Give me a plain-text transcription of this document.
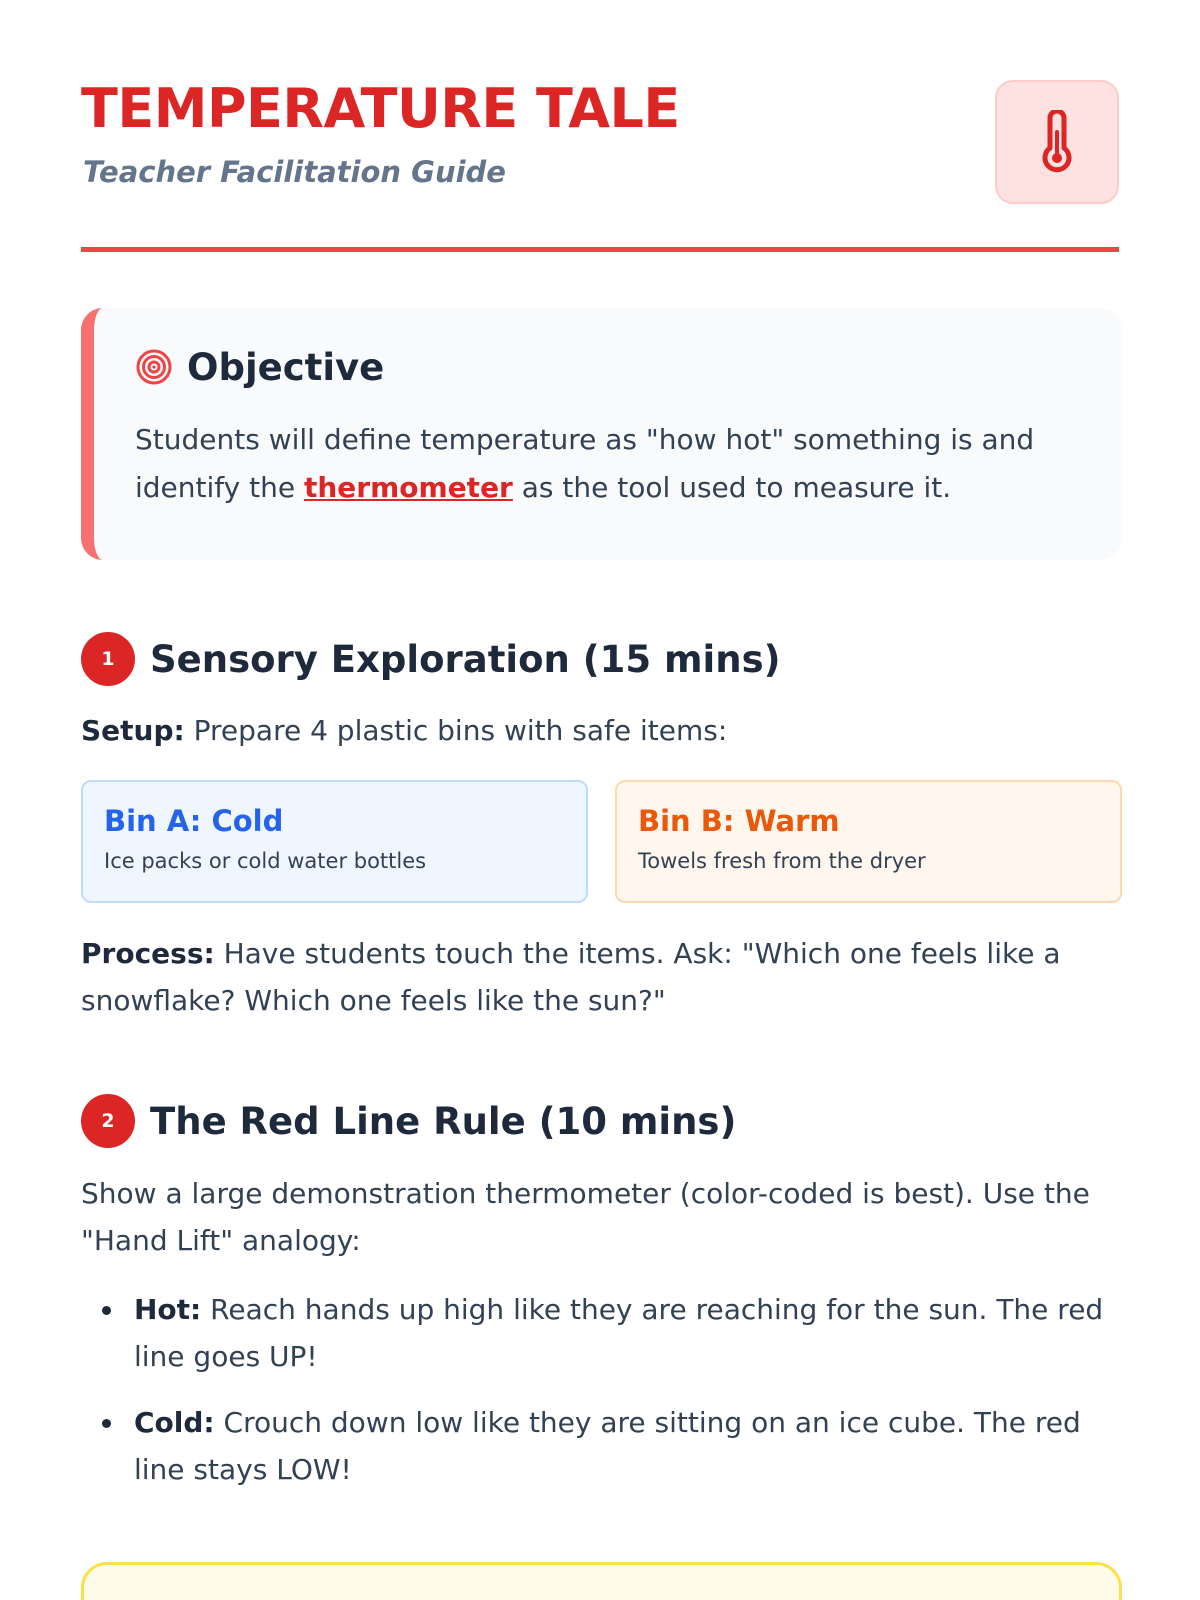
TEMPERATURE TALE

Teacher Facilitation Guide

Objective

Students will define temperature as "how hot" something is and identify the thermometer as the tool used to measure it.

1 Sensory Exploration (15 mins)

Setup: Prepare 4 plastic bins with safe items:

Bin A: Cold

Ice packs or cold water bottles

Bin B: Warm

Towels fresh from the dryer

Process: Have students touch the items. Ask: "Which one feels like a snowflake? Which one feels like the sun?"

2 The Red Line Rule (10 mins)

Show a large demonstration thermometer (color-coded is best). Use the "Hand Lift" analogy:

Hot: Reach hands up high like they are reaching for the sun. The red line goes UP!
Cold: Crouch down low like they are sitting on an ice cube. The red line stays LOW!
